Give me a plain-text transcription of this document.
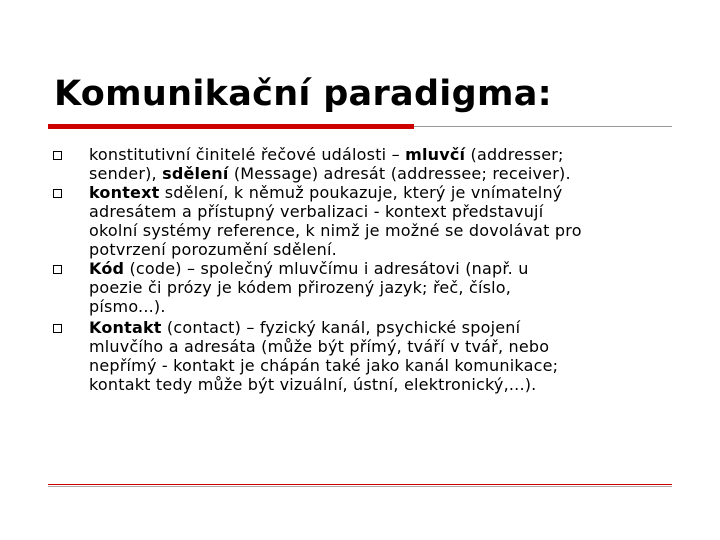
Komunikační paradigma:

konstitutivní činitelé řečové události – mluvčí (addresser;
sender), sdělení (Message) adresát (addressee; receiver).

kontext sdělení, k němuž poukazuje, který je vnímatelný
adresátem a přístupný verbalizaci - kontext představují
okolní systémy reference, k nimž je možné se dovolávat pro
potvrzení porozumění sdělení.

Kód (code) – společný mluvčímu i adresátovi (např. u
poezie či prózy je kódem přirozený jazyk; řeč, číslo,
písmo...).

Kontakt (contact) – fyzický kanál, psychické spojení
mluvčího a adresáta (může být přímý, tváří v tvář, nebo
nepřímý - kontakt je chápán také jako kanál komunikace;
kontakt tedy může být vizuální, ústní, elektronický,...).
